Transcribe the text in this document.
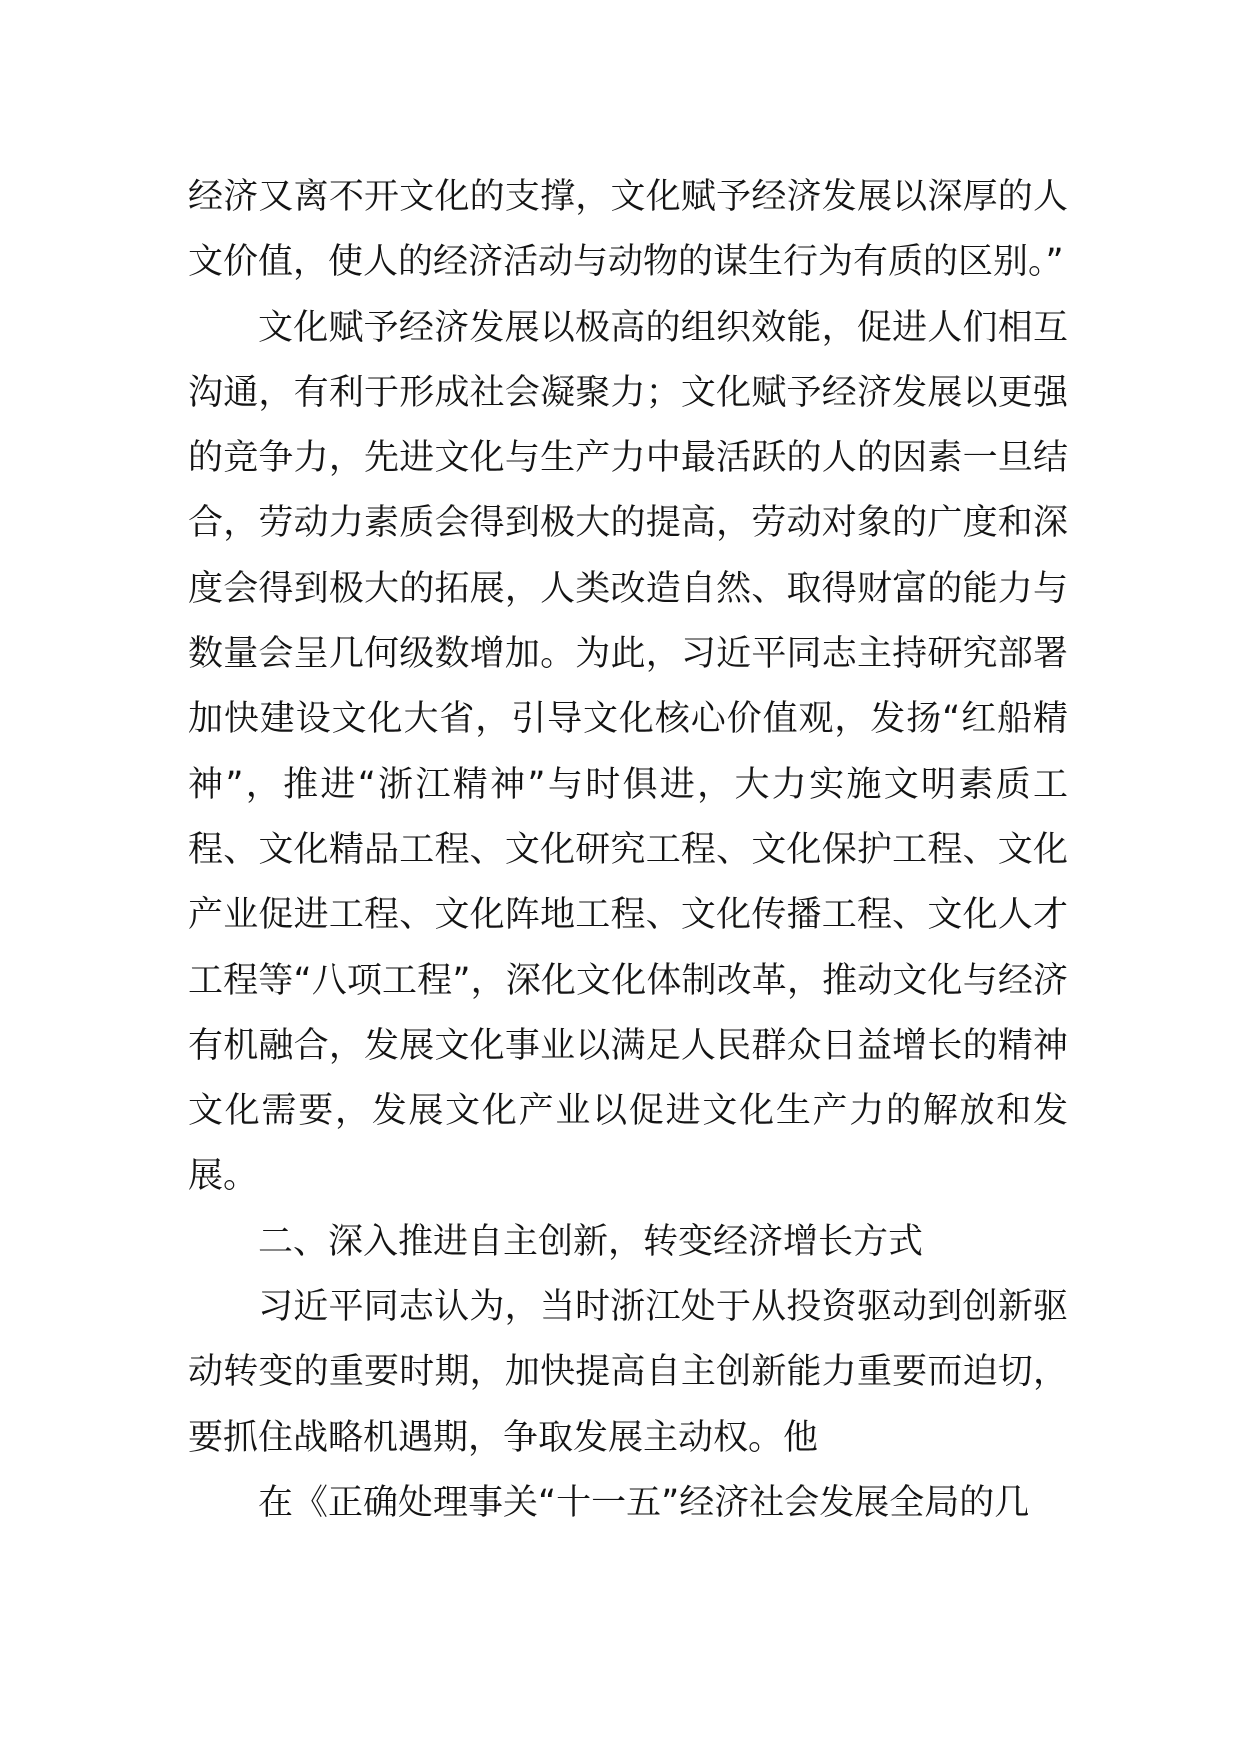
经济又离不开文化的支撑，文化赋予经济发展以深厚的人文价值，使人的经济活动与动物的谋生行为有质的区别。”

文化赋予经济发展以极高的组织效能，促进人们相互沟通，有利于形成社会凝聚力；文化赋予经济发展以更强的竞争力，先进文化与生产力中最活跃的人的因素一旦结合，劳动力素质会得到极大的提高，劳动对象的广度和深度会得到极大的拓展，人类改造自然、取得财富的能力与数量会呈几何级数增加。为此，习近平同志主持研究部署加快建设文化大省，引导文化核心价值观，发扬“红船精神”，推进“浙江精神”与时俱进，大力实施文明素质工程、文化精品工程、文化研究工程、文化保护工程、文化产业促进工程、文化阵地工程、文化传播工程、文化人才工程等“八项工程”，深化文化体制改革，推动文化与经济有机融合，发展文化事业以满足人民群众日益增长的精神文化需要，发展文化产业以促进文化生产力的解放和发展。

二、深入推进自主创新，转变经济增长方式

习近平同志认为，当时浙江处于从投资驱动到创新驱动转变的重要时期，加快提高自主创新能力重要而迫切，要抓住战略机遇期，争取发展主动权。他

在《正确处理事关“十一五”经济社会发展全局的几
